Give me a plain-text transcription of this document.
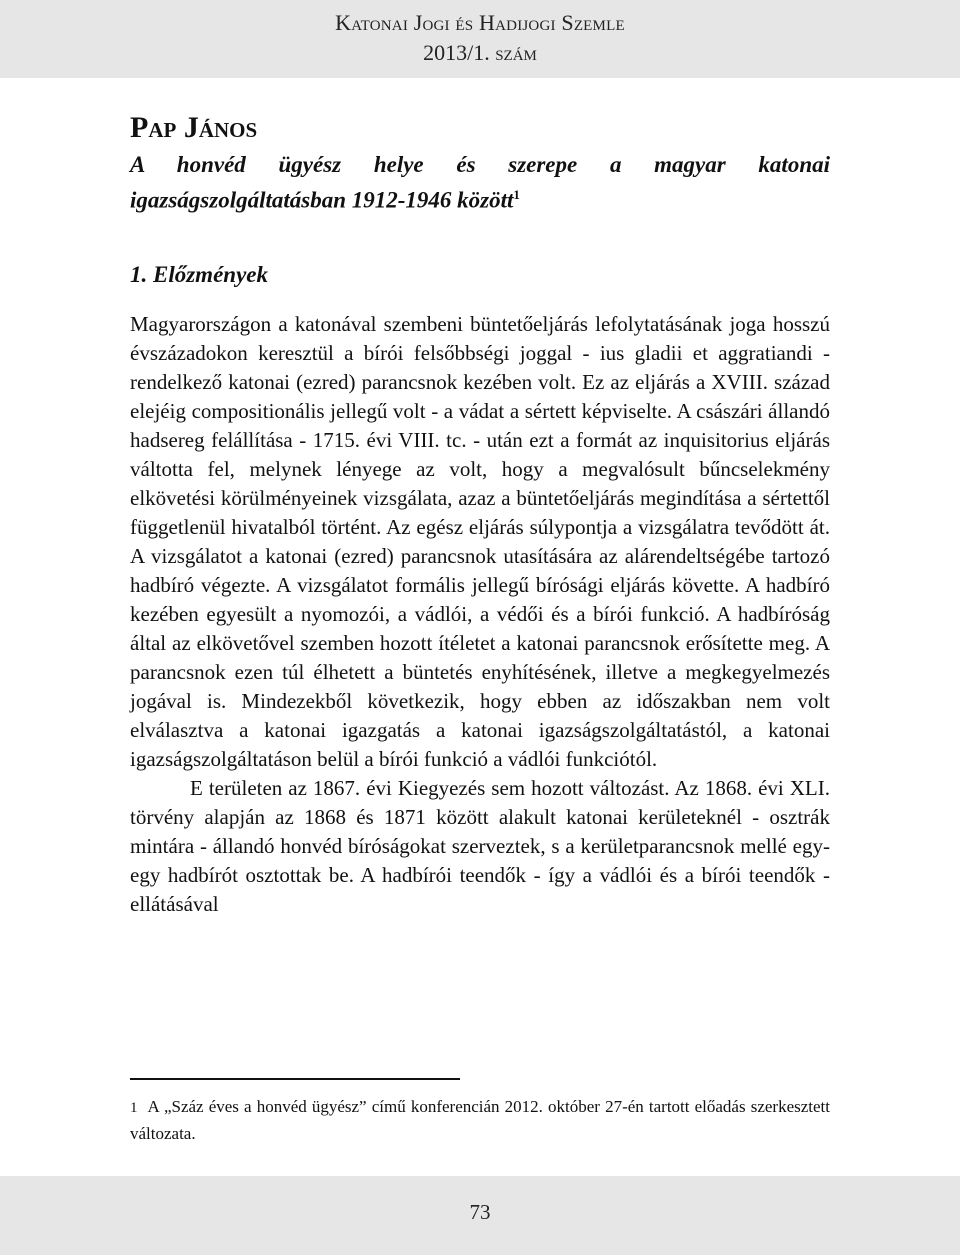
Katonai Jogi és Hadijogi Szemle
2013/1. szám

Pap János

A honvéd ügyész helye és szerepe a magyar katonai igazságszolgáltatásban 1912-1946 között$^1$

1. Előzmények

Magyarországon a katonával szembeni büntetőeljárás lefolytatásának joga hosszú évszázadokon keresztül a bírói felsőbbségi joggal - ius gladii et aggratiandi - rendelkező katonai (ezred) parancsnok kezében volt. Ez az eljárás a XVIII. század elejéig compositionális jellegű volt - a vádat a sértett képviselte. A császári állandó hadsereg felállítása - 1715. évi VIII. tc. - után ezt a formát az inquisitorius eljárás váltotta fel, melynek lényege az volt, hogy a megvalósult bűncselekmény elkövetési körülményeinek vizsgálata, azaz a büntetőeljárás megindítása a sértettől függetlenül hivatalból történt. Az egész eljárás súlypontja a vizsgálatra tevődött át. A vizsgálatot a katonai (ezred) parancsnok utasítására az alárendeltségébe tartozó hadbíró végezte. A vizsgálatot formális jellegű bírósági eljárás követte. A hadbíró kezében egyesült a nyomozói, a vádlói, a védői és a bírói funkció. A hadbíróság által az elkövetővel szemben hozott ítéletet a katonai parancsnok erősítette meg. A parancsnok ezen túl élhetett a büntetés enyhítésének, illetve a megkegyelmezés jogával is. Mindezekből következik, hogy ebben az időszakban nem volt elválasztva a katonai igazgatás a katonai igazságszolgáltatástól, a katonai igazságszolgáltatáson belül a bírói funkció a vádlói funkciótól.

E területen az 1867. évi Kiegyezés sem hozott változást. Az 1868. évi XLI. törvény alapján az 1868 és 1871 között alakult katonai kerületeknél - osztrák mintára - állandó honvéd bíróságokat szerveztek, s a kerületparancsnok mellé egy-egy hadbírót osztottak be. A hadbírói teendők - így a vádlói és a bírói teendők - ellátásával

1 A „Száz éves a honvéd ügyész” című konferencián 2012. október 27-én tartott előadás szerkesztett változata.

73
